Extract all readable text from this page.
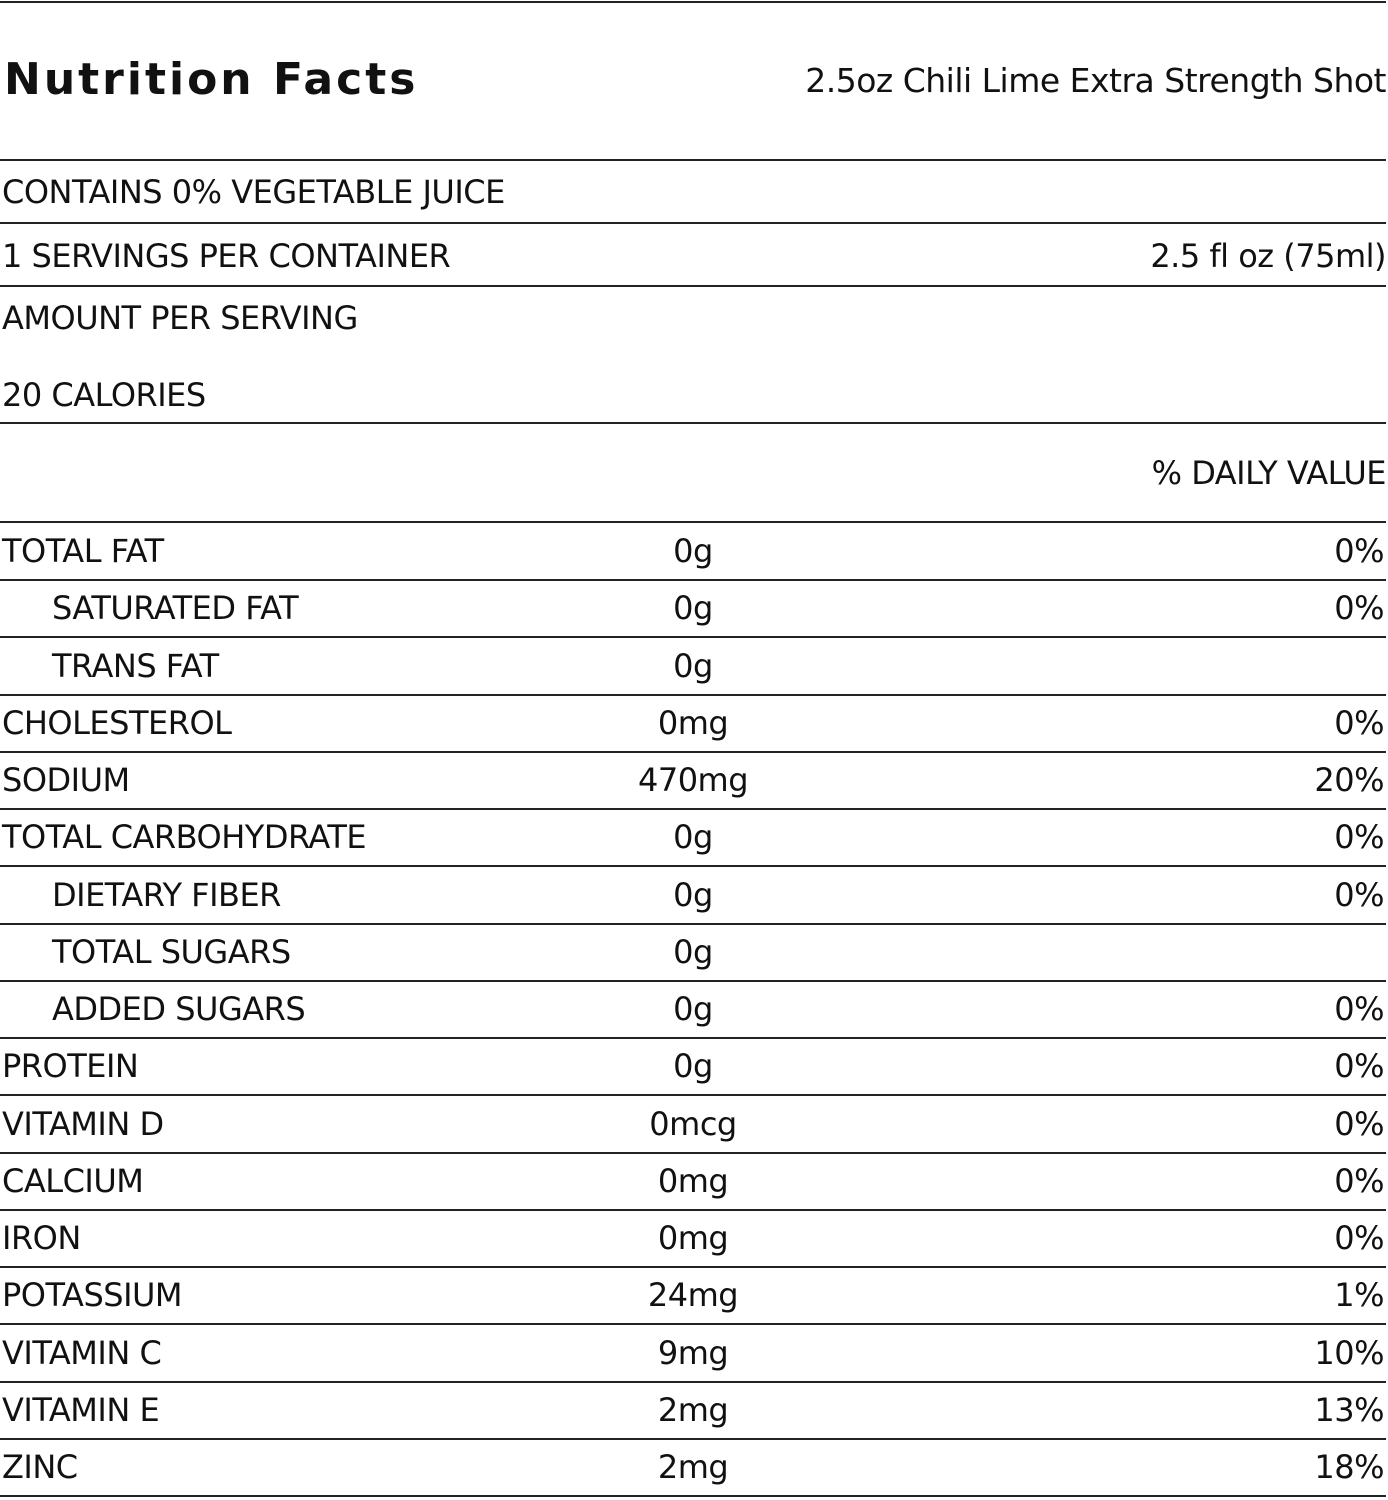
Nutrition Facts	2.5oz Chili Lime Extra Strength Shot
CONTAINS 0% VEGETABLE JUICE
1 SERVINGS PER CONTAINER	2.5 fl oz (75ml)
AMOUNT PER SERVING
20 CALORIES
% DAILY VALUE
TOTAL FAT	0g	0%
SATURATED FAT	0g	0%
TRANS FAT	0g
CHOLESTEROL	0mg	0%
SODIUM	470mg	20%
TOTAL CARBOHYDRATE	0g	0%
DIETARY FIBER	0g	0%
TOTAL SUGARS	0g
ADDED SUGARS	0g	0%
PROTEIN	0g	0%
VITAMIN D	0mcg	0%
CALCIUM	0mg	0%
IRON	0mg	0%
POTASSIUM	24mg	1%
VITAMIN C	9mg	10%
VITAMIN E	2mg	13%
ZINC	2mg	18%
